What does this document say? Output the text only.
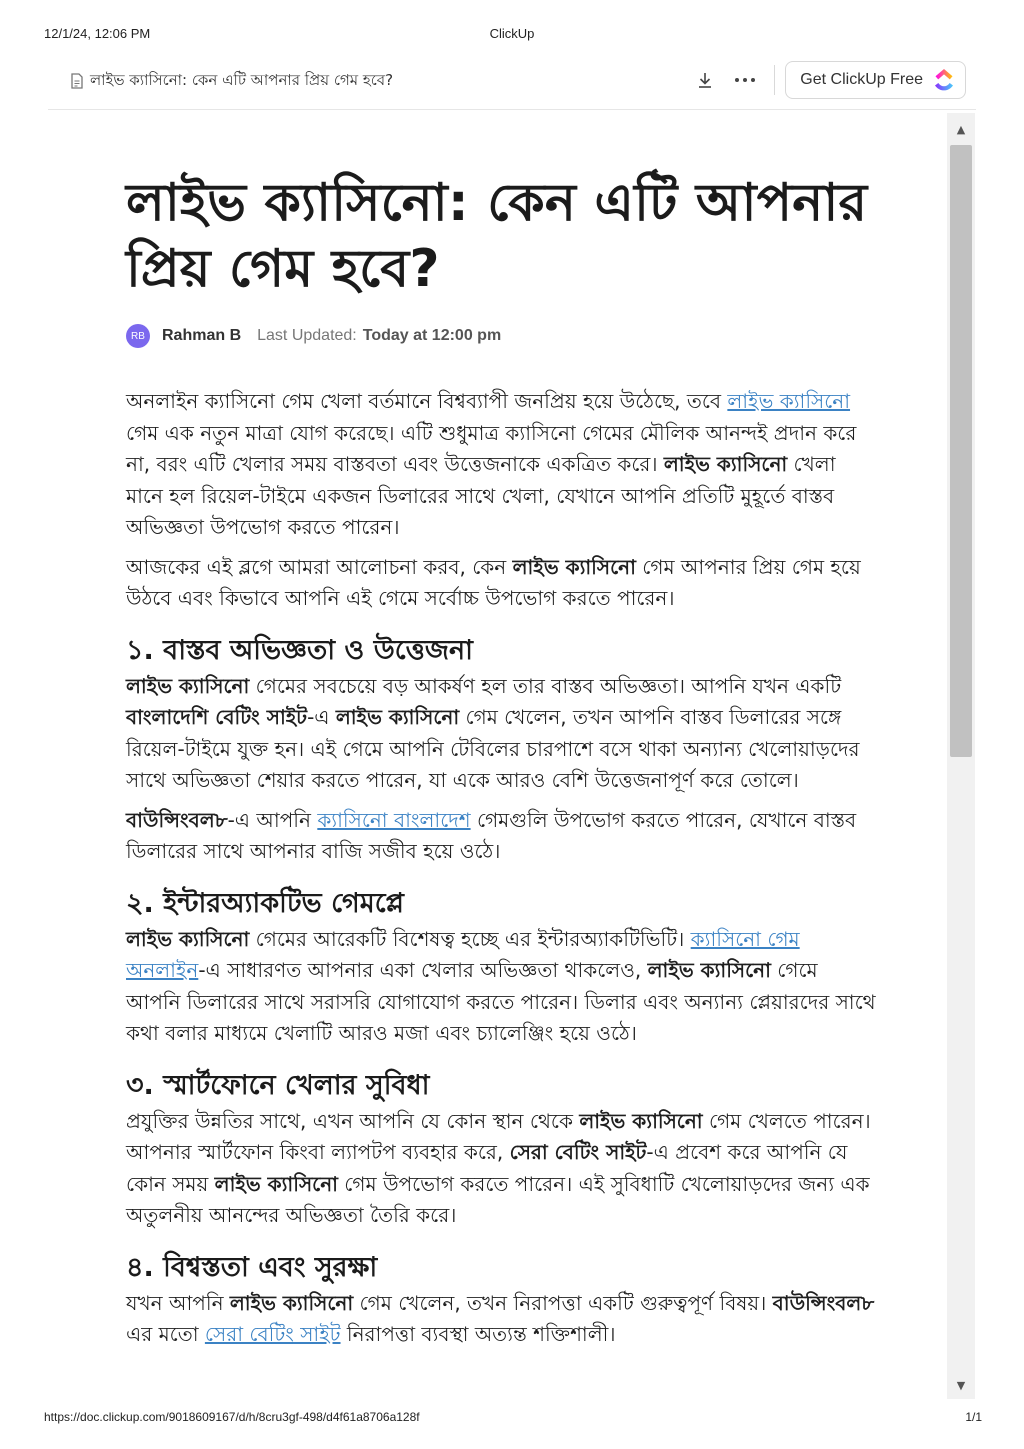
12/1/24, 12:06 PM	ClickUp
লাইভ ক্যাসিনো: কেন এটি আপনার প্রিয় গেম হবে?	Get ClickUp Free
▲
▼
লাইভ ক্যাসিনো: কেন এটি আপনার প্রিয় গেম হবে?
RB	Rahman B Last Updated: Today at 12:00 pm

অনলাইন ক্যাসিনো গেম খেলা বর্তমানে বিশ্বব্যাপী জনপ্রিয় হয়ে উঠেছে, তবে লাইভ ক্যাসিনো গেম এক নতুন মাত্রা যোগ করেছে। এটি শুধুমাত্র ক্যাসিনো গেমের মৌলিক আনন্দই প্রদান করে না, বরং এটি খেলার সময় বাস্তবতা এবং উত্তেজনাকে একত্রিত করে। লাইভ ক্যাসিনো খেলা মানে হল রিয়েল-টাইমে একজন ডিলারের সাথে খেলা, যেখানে আপনি প্রতিটি মুহূর্তে বাস্তব অভিজ্ঞতা উপভোগ করতে পারেন।

আজকের এই ব্লগে আমরা আলোচনা করব, কেন লাইভ ক্যাসিনো গেম আপনার প্রিয় গেম হয়ে উঠবে এবং কিভাবে আপনি এই গেমে সর্বোচ্চ উপভোগ করতে পারেন।

১. বাস্তব অভিজ্ঞতা ও উত্তেজনা

লাইভ ক্যাসিনো গেমের সবচেয়ে বড় আকর্ষণ হল তার বাস্তব অভিজ্ঞতা। আপনি যখন একটি বাংলাদেশি বেটিং সাইট-এ লাইভ ক্যাসিনো গেম খেলেন, তখন আপনি বাস্তব ডিলারের সঙ্গে রিয়েল-টাইমে যুক্ত হন। এই গেমে আপনি টেবিলের চারপাশে বসে থাকা অন্যান্য খেলোয়াড়দের সাথে অভিজ্ঞতা শেয়ার করতে পারেন, যা একে আরও বেশি উত্তেজনাপূর্ণ করে তোলে।

বাউন্সিংবল৮-এ আপনি ক্যাসিনো বাংলাদেশ গেমগুলি উপভোগ করতে পারেন, যেখানে বাস্তব ডিলারের সাথে আপনার বাজি সজীব হয়ে ওঠে।

২. ইন্টারঅ্যাকটিভ গেমপ্লে

লাইভ ক্যাসিনো গেমের আরেকটি বিশেষত্ব হচ্ছে এর ইন্টারঅ্যাকটিভিটি। ক্যাসিনো গেম অনলাইন-এ সাধারণত আপনার একা খেলার অভিজ্ঞতা থাকলেও, লাইভ ক্যাসিনো গেমে আপনি ডিলারের সাথে সরাসরি যোগাযোগ করতে পারেন। ডিলার এবং অন্যান্য প্লেয়ারদের সাথে কথা বলার মাধ্যমে খেলাটি আরও মজা এবং চ্যালেঞ্জিং হয়ে ওঠে।

৩. স্মার্টফোনে খেলার সুবিধা

প্রযুক্তির উন্নতির সাথে, এখন আপনি যে কোন স্থান থেকে লাইভ ক্যাসিনো গেম খেলতে পারেন। আপনার স্মার্টফোন কিংবা ল্যাপটপ ব্যবহার করে, সেরা বেটিং সাইট-এ প্রবেশ করে আপনি যে কোন সময় লাইভ ক্যাসিনো গেম উপভোগ করতে পারেন। এই সুবিধাটি খেলোয়াড়দের জন্য এক অতুলনীয় আনন্দের অভিজ্ঞতা তৈরি করে।

৪. বিশ্বস্ততা এবং সুরক্ষা

যখন আপনি লাইভ ক্যাসিনো গেম খেলেন, তখন নিরাপত্তা একটি গুরুত্বপূর্ণ বিষয়। বাউন্সিংবল৮ এর মতো সেরা বেটিং সাইট নিরাপত্তা ব্যবস্থা অত্যন্ত শক্তিশালী।

https://doc.clickup.com/9018609167/d/h/8cru3gf-498/d4f61a8706a128f	1/1
